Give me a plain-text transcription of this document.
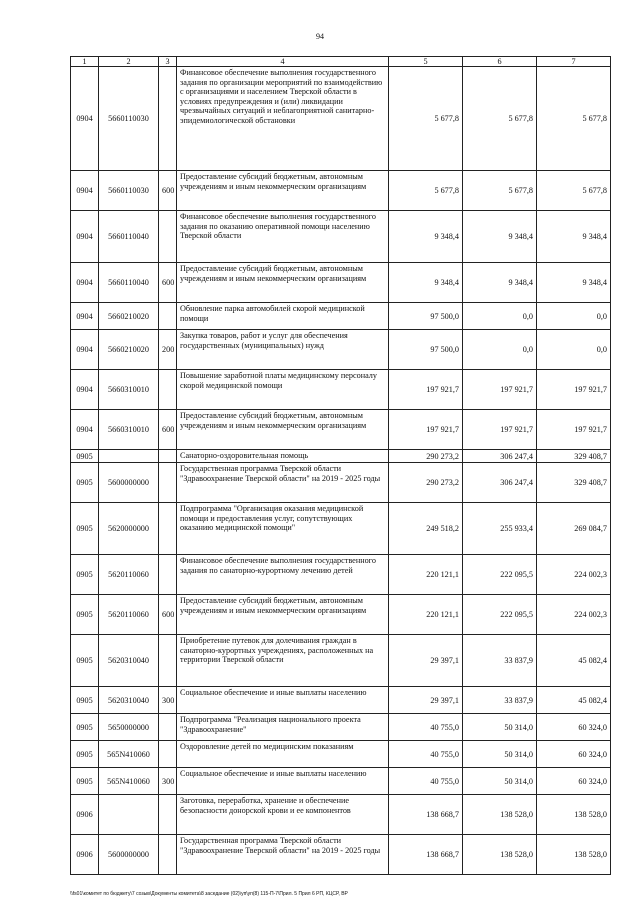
94
1	2	3	4	5	6	7
0904	5660110030		Финансовое обеспечение выполнения государственного задания по организации мероприятий по взаимодействию с организациями и населением Тверской области в условиях предупреждения и (или) ликвидации чрезвычайных ситуаций и неблагоприятной санитарно-эпидемиологической обстановки	5 677,8	5 677,8	5 677,8
0904	5660110030	600	Предоставление субсидий бюджетным, автономным учреждениям и иным некоммерческим организациям	5 677,8	5 677,8	5 677,8
0904	5660110040		Финансовое обеспечение выполнения государственного задания по оказанию оперативной помощи населению Тверской области	9 348,4	9 348,4	9 348,4
0904	5660110040	600	Предоставление субсидий бюджетным, автономным учреждениям и иным некоммерческим организациям	9 348,4	9 348,4	9 348,4
0904	5660210020		Обновление парка автомобилей скорой медицинской помощи	97 500,0	0,0	0,0
0904	5660210020	200	Закупка товаров, работ и услуг для обеспечения государственных (муниципальных) нужд	97 500,0	0,0	0,0
0904	5660310010		Повышение заработной платы медицинскому персоналу скорой медицинской помощи	197 921,7	197 921,7	197 921,7
0904	5660310010	600	Предоставление субсидий бюджетным, автономным учреждениям и иным некоммерческим организациям	197 921,7	197 921,7	197 921,7
0905			Санаторно-оздоровительная помощь	290 273,2	306 247,4	329 408,7
0905	5600000000		Государственная программа Тверской области "Здравоохранение Тверской области" на 2019 - 2025 годы	290 273,2	306 247,4	329 408,7
0905	5620000000		Подпрограмма "Организация оказания медицинской помощи и предоставления услуг, сопутствующих оказанию медицинской помощи"	249 518,2	255 933,4	269 084,7
0905	5620110060		Финансовое обеспечение выполнения государственного задания по санаторно-курортному лечению детей	220 121,1	222 095,5	224 002,3
0905	5620110060	600	Предоставление субсидий бюджетным, автономным учреждениям и иным некоммерческим организациям	220 121,1	222 095,5	224 002,3
0905	5620310040		Приобретение путевок для долечивания граждан в санаторно-курортных учреждениях, расположенных на территории Тверской области	29 397,1	33 837,9	45 082,4
0905	5620310040	300	Социальное обеспечение и иные выплаты населению	29 397,1	33 837,9	45 082,4
0905	5650000000		Подпрограмма "Реализация национального проекта "Здравоохранение"	40 755,0	50 314,0	60 324,0
0905	565N410060		Оздоровление детей по медицинским показаниям	40 755,0	50 314,0	60 324,0
0905	565N410060	300	Социальное обеспечение и иные выплаты населению	40 755,0	50 314,0	60 324,0
0906			Заготовка, переработка, хранение и обеспечение безопасности донорской крови и ее компонентов	138 668,7	138 528,0	138 528,0
0906	5600000000		Государственная программа Тверской области "Здравоохранение Тверской области" на 2019 - 2025 годы	138 668,7	138 528,0	138 528,0
\\fs01\комитет по бюджету\7 созыв\Документы комитета\8 заседание (02)\уп\уп(8) 115-П-7\Прил. 5 Прил 6 РП, КЦСР, ВР
